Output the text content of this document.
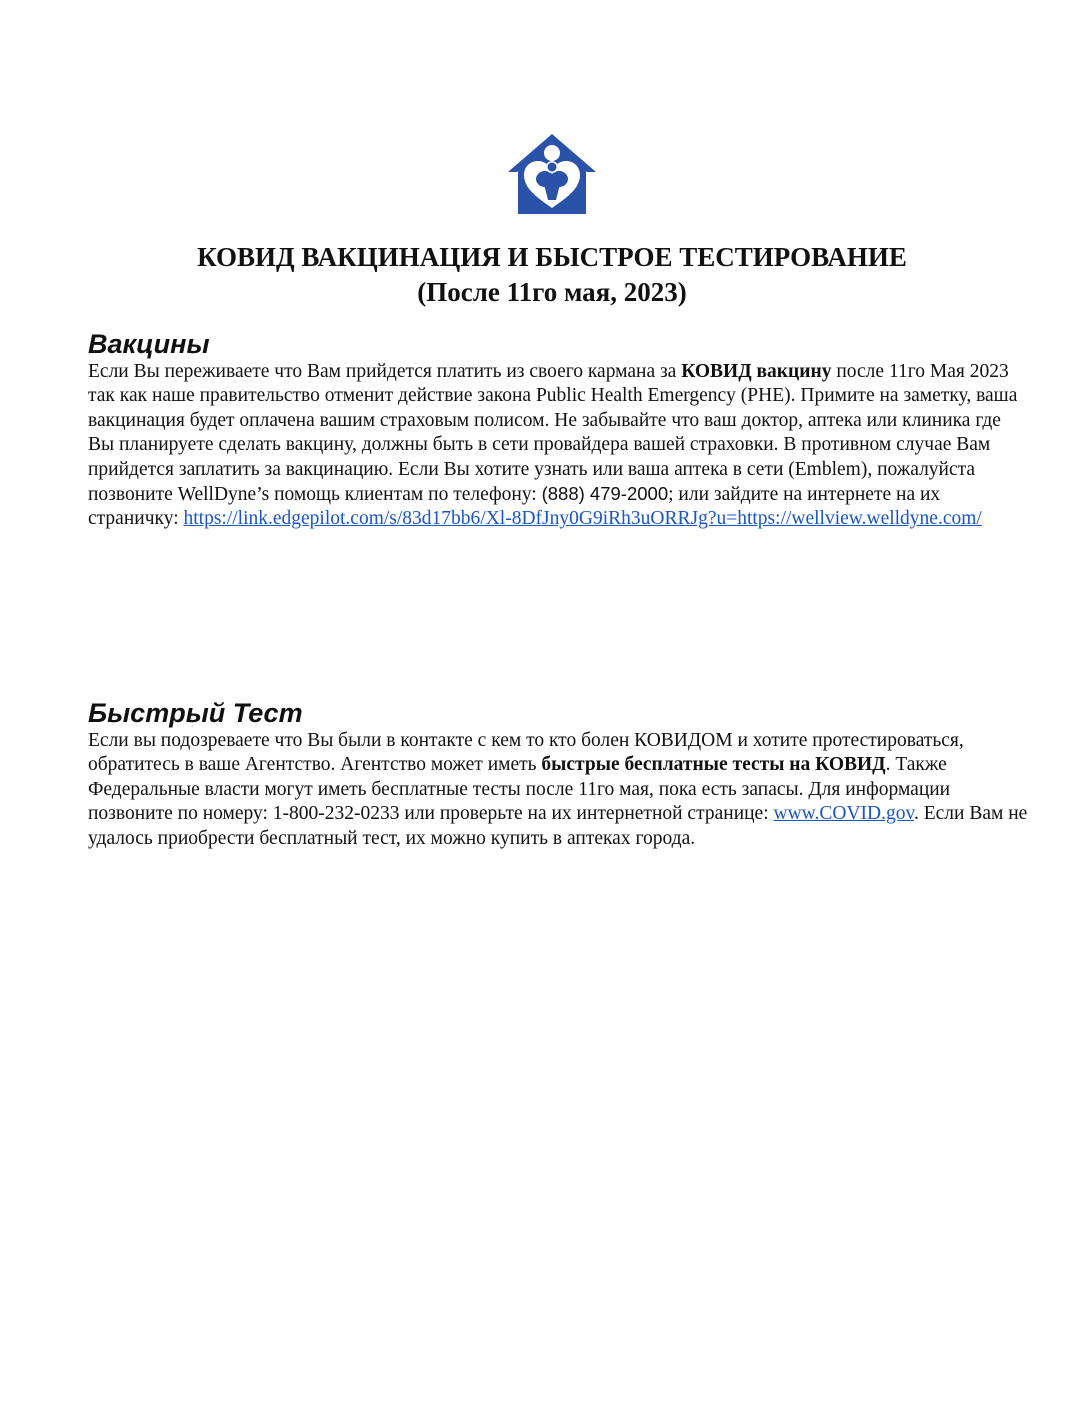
КОВИД ВАКЦИНАЦИЯ И БЫСТРОЕ ТЕСТИРОВАНИЕ
(После 11го мая, 2023)
Вакцины

Если Вы переживаете что Вам прийдется платить из своего кармана за КОВИД вакцину после 11го Мая 2023 так как наше правительство отменит действие закона Public Health Emergency (PHE). Примите на заметку, ваша вакцинация будет оплачена вашим страховым полисом. Не забывайте что ваш доктор, аптека или клиника где Вы планируете сделать вакцину, должны быть в сети провайдера вашей страховки. В противном случае Вам прийдется заплатить за вакцинацию. Если Вы хотите узнать или ваша аптека в сети (Emblem), пожалуйста позвоните WellDyne’s помощь клиентам по телефону: (888) 479-2000; или зайдите на интернете на их страничку: https://link.edgepilot.com/s/83d17bb6/Xl-8DfJny0G9iRh3uORRJg?u=https://wellview.welldyne.com/

Быстрый Тест

Если вы подозреваете что Вы были в контакте с кем то кто болен КОВИДОМ и хотите протестироваться, обратитесь в ваше Агентство. Агентство может иметь быстрые бесплатные тесты на КОВИД. Также Федеральные власти могут иметь бесплатные тесты после 11го мая, пока есть запасы. Для информации позвоните по номеру: 1-800-232-0233 или проверьте на их интернетной странице: www.COVID.gov. Если Вам не удалось приобрести бесплатный тест, их можно купить в аптеках города.
